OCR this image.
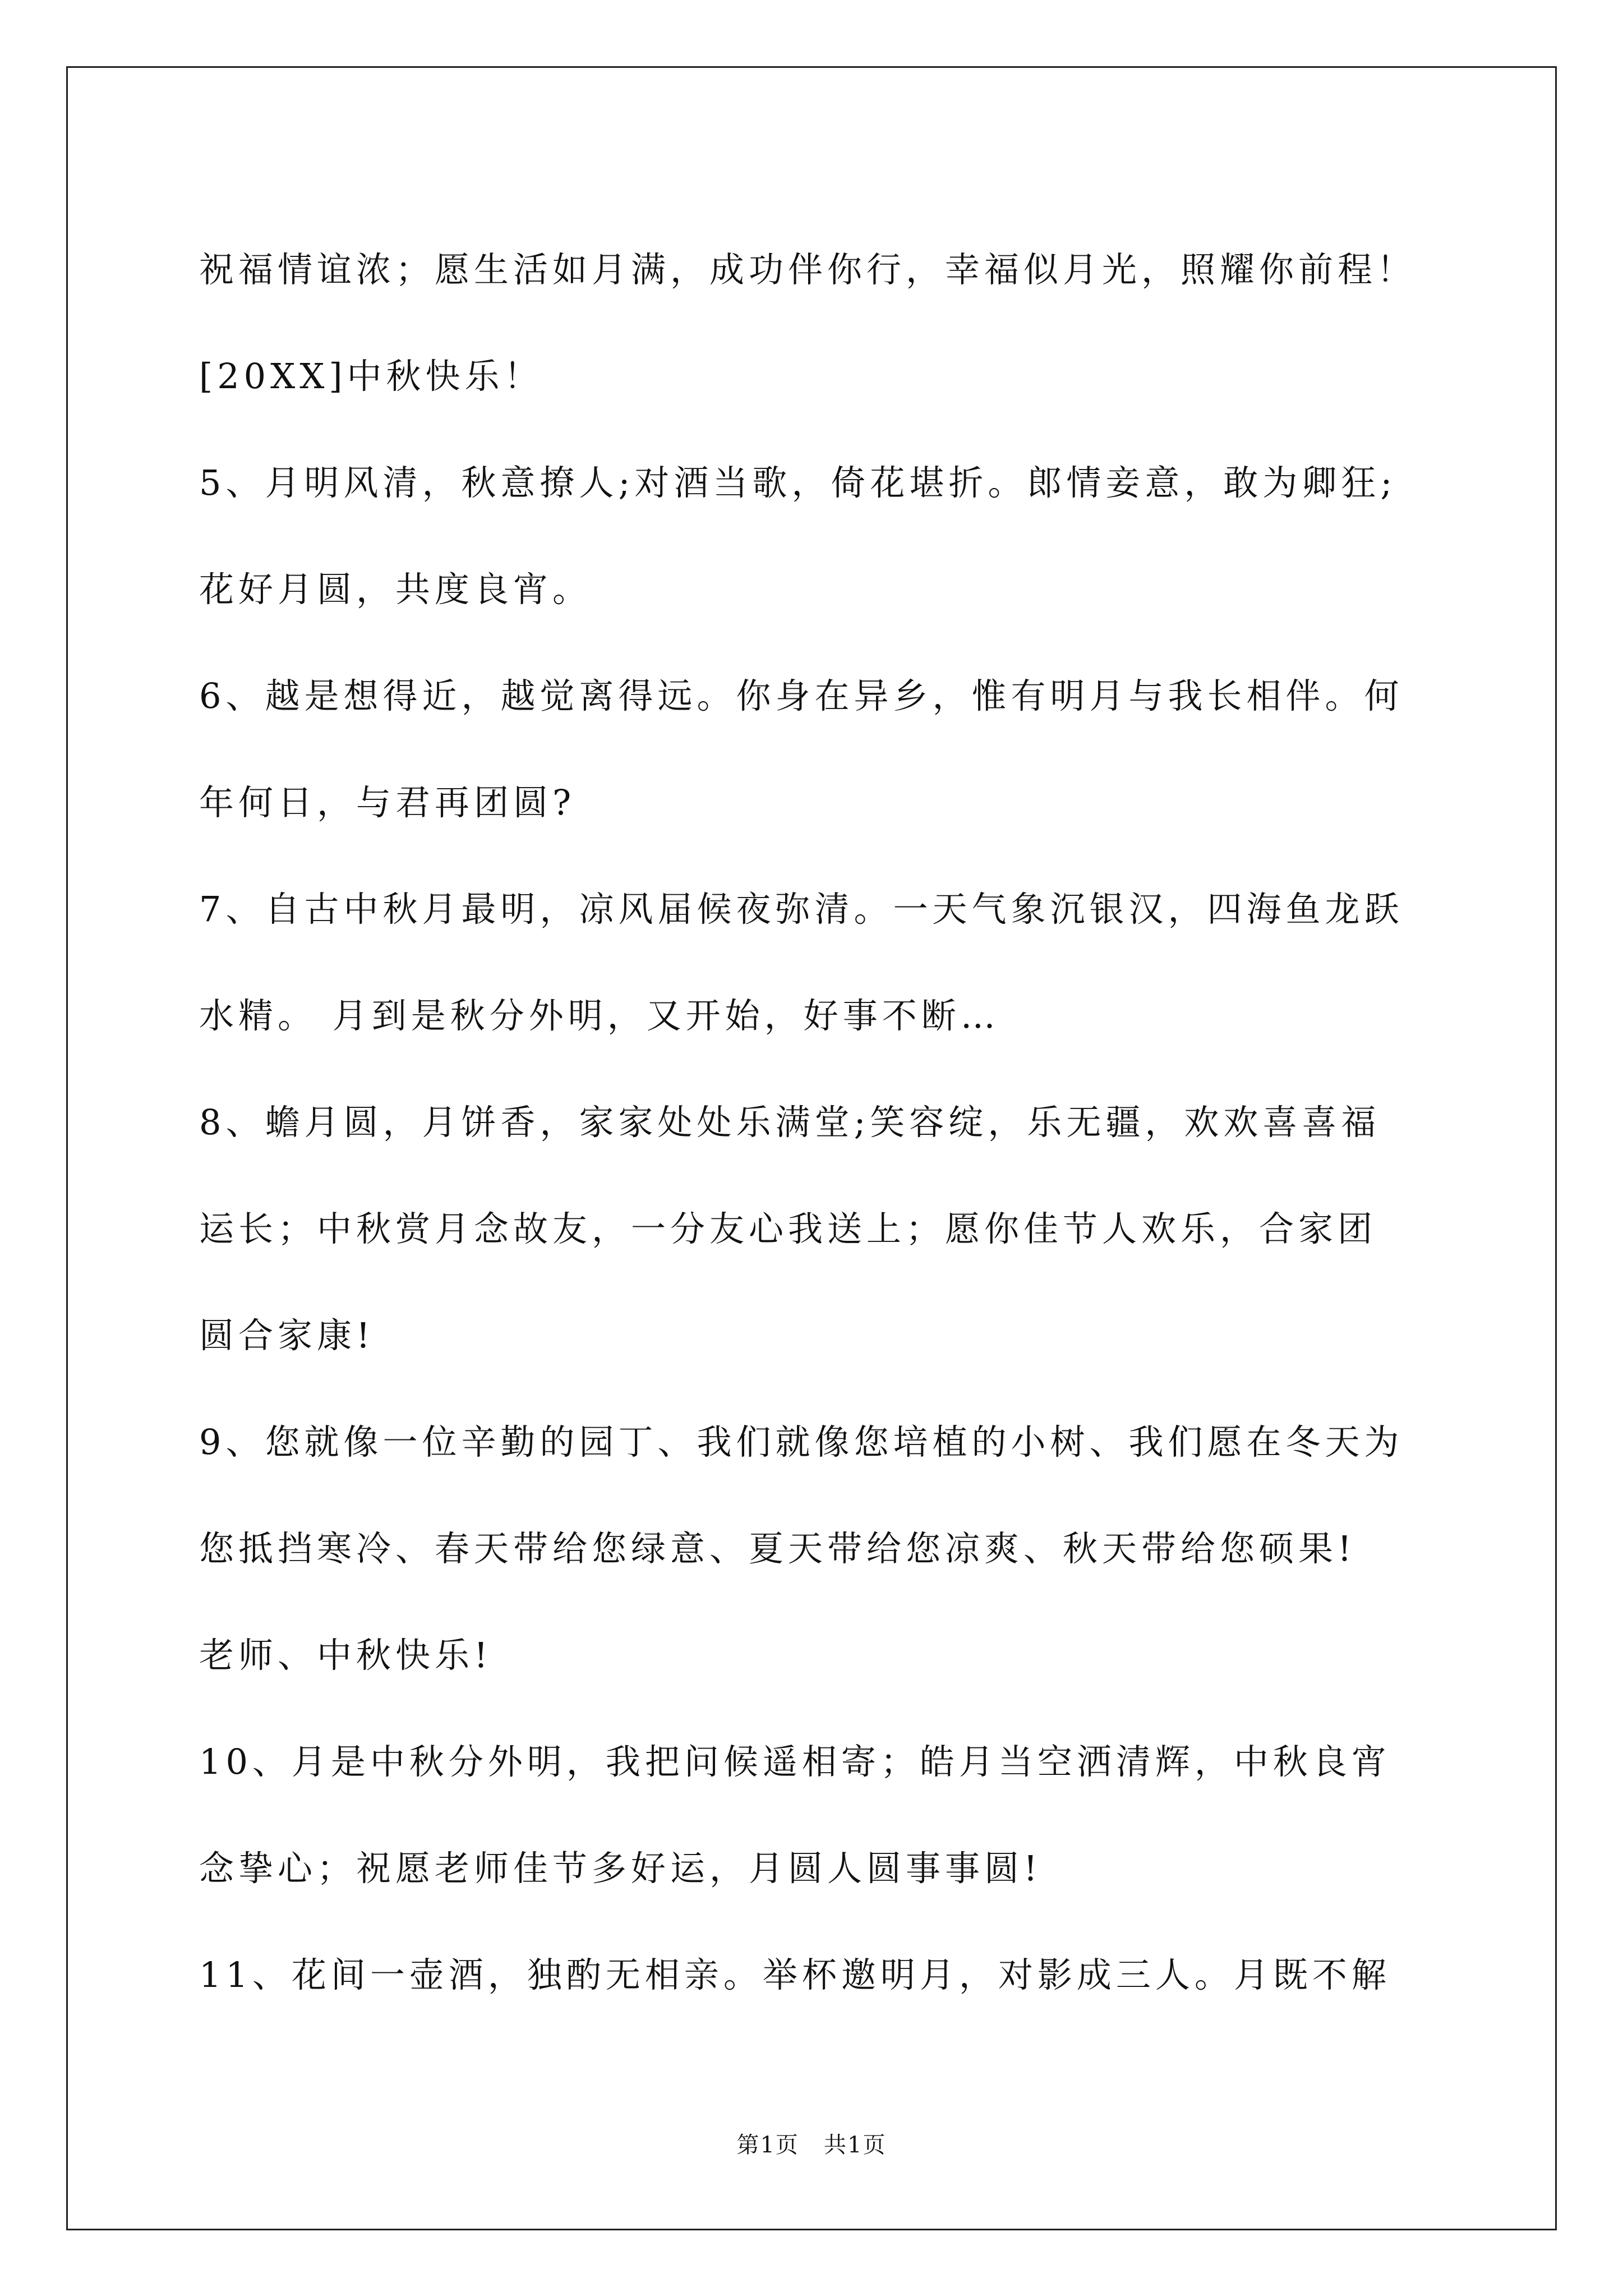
祝福情谊浓；愿生活如月满，成功伴你行，幸福似月光，照耀你前程！
[20XX]中秋快乐！
5、月明风清，秋意撩人;对酒当歌，倚花堪折。郎情妾意，敢为卿狂;
花好月圆，共度良宵。
6、越是想得近，越觉离得远。你身在异乡，惟有明月与我长相伴。何
年何日，与君再团圆?
7、自古中秋月最明，凉风届候夜弥清。一天气象沉银汉，四海鱼龙跃
水精。 月到是秋分外明，又开始，好事不断…
8、蟾月圆，月饼香，家家处处乐满堂;笑容绽，乐无疆，欢欢喜喜福
运长；中秋赏月念故友，一分友心我送上；愿你佳节人欢乐，合家团
圆合家康!
9、您就像一位辛勤的园丁、我们就像您培植的小树、我们愿在冬天为
您抵挡寒冷、春天带给您绿意、夏天带给您凉爽、秋天带给您硕果!
老师、中秋快乐!
10、月是中秋分外明，我把问候遥相寄；皓月当空洒清辉，中秋良宵
念挚心；祝愿老师佳节多好运，月圆人圆事事圆!
11、花间一壶酒，独酌无相亲。举杯邀明月，对影成三人。月既不解
第1页   共1页
